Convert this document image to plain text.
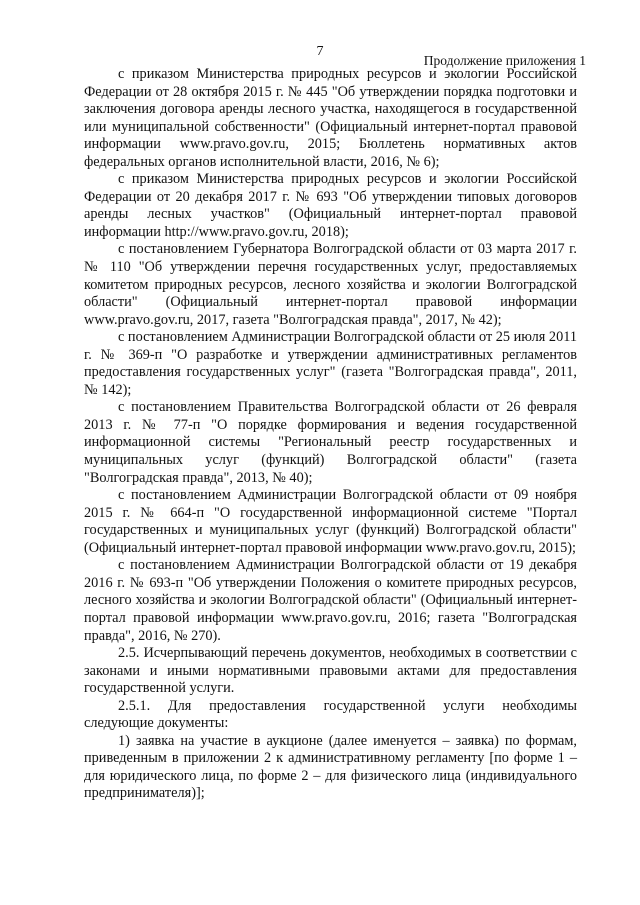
7
Продолжение приложения 1

с приказом Министерства природных ресурсов и экологии Российской Федерации от 28 октября 2015 г. № 445 "Об утверждении порядка подготовки и заключения договора аренды лесного участка, находящегося в государственной или муниципальной собственности" (Официальный интернет-портал правовой информации www.pravo.gov.ru, 2015; Бюллетень нормативных актов федеральных органов исполнительной власти, 2016, № 6);

с приказом Министерства природных ресурсов и экологии Российской Федерации от 20 декабря 2017 г. № 693 "Об утверждении типовых договоров аренды лесных участков" (Официальный интернет-портал правовой информации http://www.pravo.gov.ru, 2018);

с постановлением Губернатора Волгоградской области от 03 марта 2017 г. № 110 "Об утверждении перечня государственных услуг, предоставляемых комитетом природных ресурсов, лесного хозяйства и экологии Волгоградской области" (Официальный интернет-портал правовой информации www.pravo.gov.ru, 2017, газета "Волгоградская правда", 2017, № 42);

с постановлением Администрации Волгоградской области от 25 июля 2011 г. № 369-п "О разработке и утверждении административных регламентов предоставления государственных услуг" (газета "Волгоградская правда", 2011, № 142);

с постановлением Правительства Волгоградской области от 26 февраля 2013 г. № 77-п "О порядке формирования и ведения государственной информационной системы "Региональный реестр государственных и муниципальных услуг (функций) Волгоградской области" (газета "Волгоградская правда", 2013, № 40);

с постановлением Администрации Волгоградской области от 09 ноября 2015 г. № 664-п "О государственной информационной системе "Портал государственных и муниципальных услуг (функций) Волгоградской области" (Официальный интернет-портал правовой информации www.pravo.gov.ru, 2015);

с постановлением Администрации Волгоградской области от 19 декабря 2016 г. № 693-п "Об утверждении Положения о комитете природных ресурсов, лесного хозяйства и экологии Волгоградской области" (Официальный интернет-портал правовой информации www.pravo.gov.ru, 2016; газета "Волгоградская правда", 2016, № 270).

2.5. Исчерпывающий перечень документов, необходимых в соответствии с законами и иными нормативными правовыми актами для предоставления государственной услуги.

2.5.1. Для предоставления государственной услуги необходимы следующие документы:

1) заявка на участие в аукционе (далее именуется – заявка) по формам, приведенным в приложении 2 к административному регламенту [по форме 1 – для юридического лица, по форме 2 – для физического лица (индивидуального предпринимателя)];
